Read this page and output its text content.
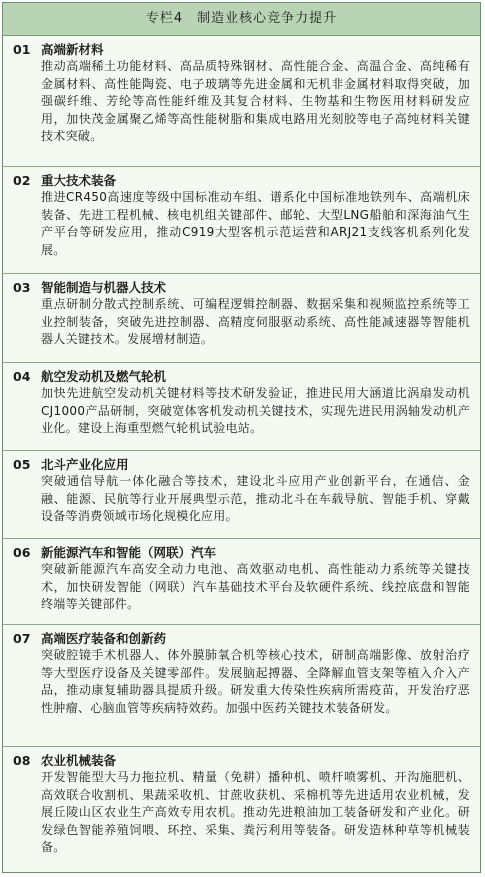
专栏4　制造业核心竞争力提升
01 高端新材料
推动高端稀土功能材料、高品质特殊钢材、高性能合金、高温合金、高纯稀有金属材料、高性能陶瓷、电子玻璃等先进金属和无机非金属材料取得突破，加强碳纤维、芳纶等高性能纤维及其复合材料、生物基和生物医用材料研发应用，加快茂金属聚乙烯等高性能树脂和集成电路用光刻胶等电子高纯材料关键技术突破。
02 重大技术装备
推进CR450高速度等级中国标准动车组、谱系化中国标准地铁列车、高端机床装备、先进工程机械、核电机组关键部件、邮轮、大型LNG船舶和深海油气生产平台等研发应用，推动C919大型客机示范运营和ARJ21支线客机系列化发展。
03 智能制造与机器人技术
重点研制分散式控制系统、可编程逻辑控制器、数据采集和视频监控系统等工业控制装备，突破先进控制器、高精度伺服驱动系统、高性能减速器等智能机器人关键技术。发展增材制造。
04 航空发动机及燃气轮机
加快先进航空发动机关键材料等技术研发验证，推进民用大涵道比涡扇发动机CJ1000产品研制，突破宽体客机发动机关键技术，实现先进民用涡轴发动机产业化。建设上海重型燃气轮机试验电站。
05 北斗产业化应用
突破通信导航一体化融合等技术，建设北斗应用产业创新平台，在通信、金融、能源、民航等行业开展典型示范，推动北斗在车载导航、智能手机、穿戴设备等消费领域市场化规模化应用。
06 新能源汽车和智能（网联）汽车
突破新能源汽车高安全动力电池、高效驱动电机、高性能动力系统等关键技术，加快研发智能（网联）汽车基础技术平台及软硬件系统、线控底盘和智能终端等关键部件。
07 高端医疗装备和创新药
突破腔镜手术机器人、体外膜肺氧合机等核心技术，研制高端影像、放射治疗等大型医疗设备及关键零部件。发展脑起搏器、全降解血管支架等植入介入产品，推动康复辅助器具提质升级。研发重大传染性疾病所需疫苗，开发治疗恶性肿瘤、心脑血管等疾病特效药。加强中医药关键技术装备研发。
08 农业机械装备
开发智能型大马力拖拉机、精量（免耕）播种机、喷杆喷雾机、开沟施肥机、高效联合收割机、果蔬采收机、甘蔗收获机、采棉机等先进适用农业机械，发展丘陵山区农业生产高效专用农机。推动先进粮油加工装备研发和产业化。研发绿色智能养殖饲喂、环控、采集、粪污利用等装备。研发造林种草等机械装备。
